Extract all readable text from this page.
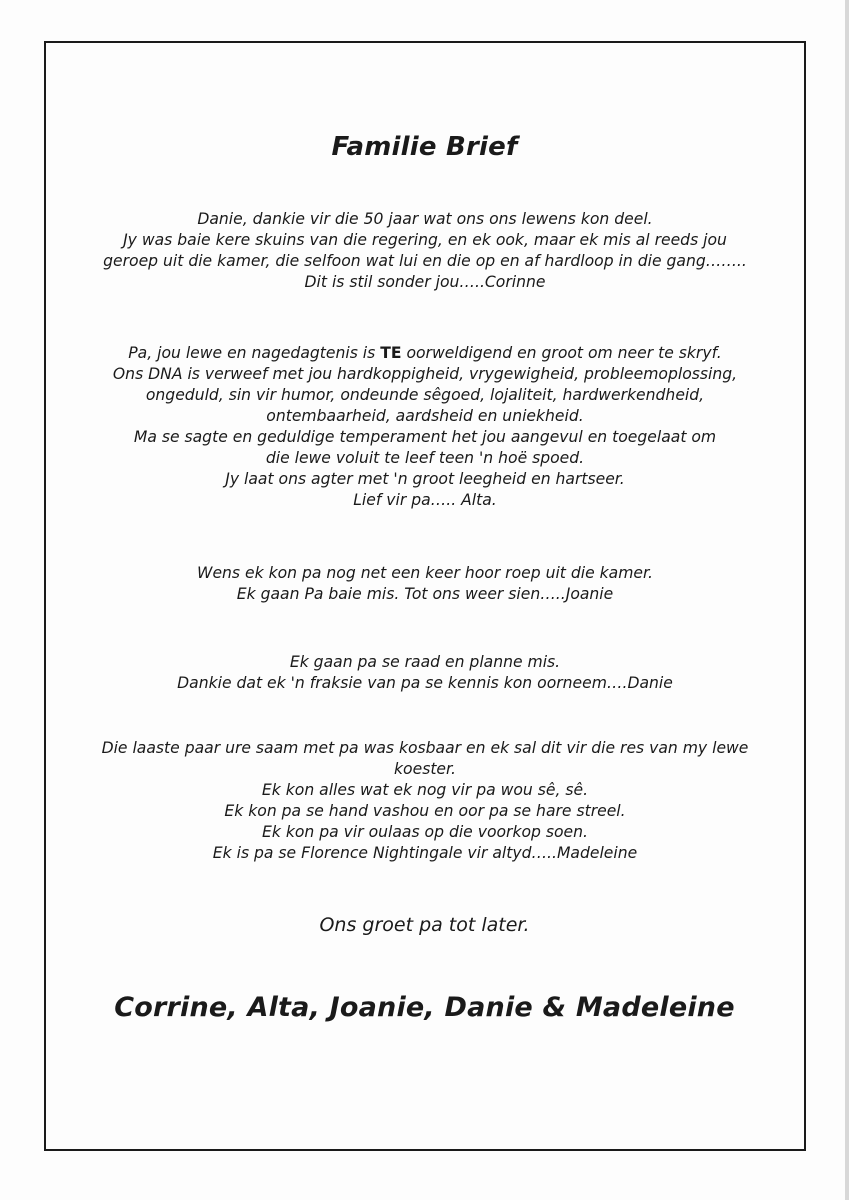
Familie Brief
Danie, dankie vir die 50 jaar wat ons ons lewens kon deel.
Jy was baie kere skuins van die regering, en ek ook, maar ek mis al reeds jou
geroep uit die kamer, die selfoon wat lui en die op en af hardloop in die gang……..
Dit is stil sonder jou…..Corinne
Pa, jou lewe en nagedagtenis is TE oorweldigend en groot om neer te skryf.
Ons DNA is verweef met jou hardkoppigheid, vrygewigheid, probleemoplossing,
ongeduld, sin vir humor, ondeunde sêgoed, lojaliteit, hardwerkendheid,
ontembaarheid, aardsheid en uniekheid.
Ma se sagte en geduldige temperament het jou aangevul en toegelaat om
die lewe voluit te leef teen 'n hoë spoed.
Jy laat ons agter met 'n groot leegheid en hartseer.
Lief vir pa….. Alta.
Wens ek kon pa nog net een keer hoor roep uit die kamer.
Ek gaan Pa baie mis. Tot ons weer sien…..Joanie
Ek gaan pa se raad en planne mis.
Dankie dat ek 'n fraksie van pa se kennis kon oorneem….Danie
Die laaste paar ure saam met pa was kosbaar en ek sal dit vir die res van my lewe
koester.
Ek kon alles wat ek nog vir pa wou sê, sê.
Ek kon pa se hand vashou en oor pa se hare streel.
Ek kon pa vir oulaas op die voorkop soen.
Ek is pa se Florence Nightingale vir altyd…..Madeleine
Ons groet pa tot later.
Corrine, Alta, Joanie, Danie & Madeleine
